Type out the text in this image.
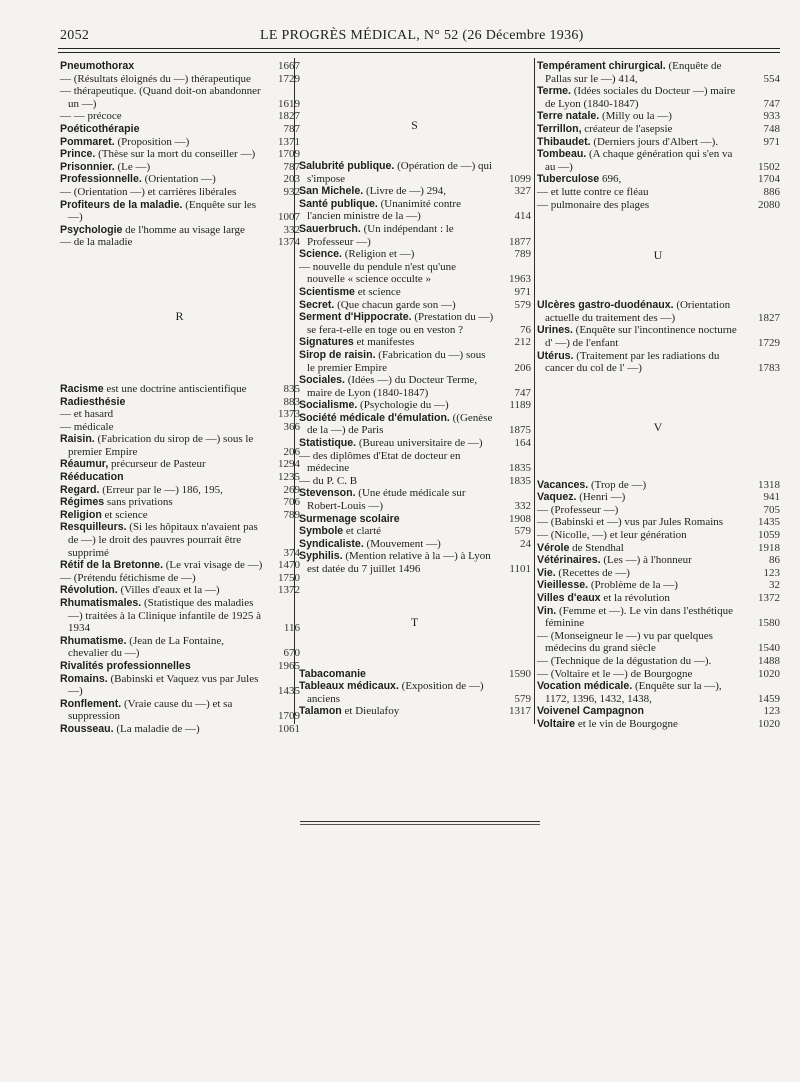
2052	LE PROGRÈS MÉDICAL, N° 52 (26 Décembre 1936)
Pneumothorax	1667
— (Résultats éloignés du —) thérapeutique 1729
— thérapeutique. (Quand doit-on abandonner un —)	1619
— — précoce	1827
Poéticothérapie	787
Pommaret. (Proposition —)	1371
Prince. (Thèse sur la mort du conseiller —) 1709
Prisonnier. (Le —)	787
Professionnelle. (Orientation —)	203
— (Orientation —) et carrières libérales	932
Profiteurs de la maladie. (Enquête sur les —)	1007
Psychologie de l'homme au visage large	332
— de la maladie	1374
R
Racisme est une doctrine antiscientifique	835
Radiesthésie	883
— et hasard	1373
— médicale	366
Raisin. (Fabrication du sirop de —) sous le premier Empire	206
Réaumur, précurseur de Pasteur	1294
Rééducation	1235
Regard. (Erreur par le —) 186, 195,	269
Régimes sans privations	706
Religion et science	789
Resquilleurs. (Si les hôpitaux n'avaient pas de —) le droit des pauvres pourrait être supprimé	374
Rétif de la Bretonne. (Le vrai visage de —) 1470
— (Prétendu fétichisme de —)	1750
Révolution. (Villes d'eaux et la —)	1372
Rhumatismales. (Statistique des maladies —) traitées à la Clinique infantile de 1925 à 1934	116
Rhumatisme. (Jean de La Fontaine, chevalier du —)	670
Rivalités professionnelles	1965
Romains. (Babinski et Vaquez vus par Jules —)	1435
Ronflement. (Vraie cause du —) et sa suppression	1709
Rousseau. (La maladie de —)	1061
S
Salubrité publique. (Opération de —) qui s'impose	1099
San Michele. (Livre de —) 294,	327
Santé publique. (Unanimité contre l'ancien ministre de la —)	414
Sauerbruch. (Un indépendant : le Professeur —)	1877
Science. (Religion et —)	789
— nouvelle du pendule n'est qu'une nouvelle « science occulte »	1963
Scientisme et science	971
Secret. (Que chacun garde son —)	579
Serment d'Hippocrate. (Prestation du —) se fera-t-elle en toge ou en veston ?	76
Signatures et manifestes	212
Sirop de raisin. (Fabrication du —) sous le premier Empire	206
Sociales. (Idées —) du Docteur Terme, maire de Lyon (1840-1847)	747
Socialisme. (Psychologie du —)	1189
Société médicale d'émulation. ((Genèse de la —) de Paris	1875
Statistique. (Bureau universitaire de —)	164
— des diplômes d'Etat de docteur en médecine	1835
— du P. C. B	1835
Stevenson. (Une étude médicale sur Robert-Louis —)	332
Surmenage scolaire	1908
Symbole et clarté	579
Syndicaliste. (Mouvement —)	24
Syphilis. (Mention relative à la —) à Lyon est datée du 7 juillet 1496	1101
T
Tabacomanie	1590
Tableaux médicaux. (Exposition de —) anciens	579
Talamon et Dieulafoy	1317
Tempérament chirurgical. (Enquête de Pallas sur le —) 414,	554
Terme. (Idées sociales du Docteur —) maire de Lyon (1840-1847)	747
Terre natale. (Milly ou la —)	933
Terrillon, créateur de l'asepsie	748
Thibaudet. (Derniers jours d'Albert —).	971
Tombeau. (A chaque génération qui s'en va au —)	1502
Tuberculose 696,	1704
— et lutte contre ce fléau	886
— pulmonaire des plages	2080
U
Ulcères gastro-duodénaux. (Orientation actuelle du traitement des —)	1827
Urines. (Enquête sur l'incontinence nocturne d' —) de l'enfant	1729
Utérus. (Traitement par les radiations du cancer du col de l' —)	1783
V
Vacances. (Trop de —)	1318
Vaquez. (Henri —)	941
— (Professeur —)	705
— (Babinski et —) vus par Jules Romains	1435
— (Nicolle, —) et leur génération	1059
Vérole de Stendhal	1918
Vétérinaires. (Les —) à l'honneur	86
Vie. (Recettes de —)	123
Vieillesse. (Problème de la —)	32
Villes d'eaux et la révolution	1372
Vin. (Femme et —). Le vin dans l'esthétique féminine	1580
— (Monseigneur le —) vu par quelques médecins du grand siècle	1540
— (Technique de la dégustation du —).	1488
— (Voltaire et le —) de Bourgogne	1020
Vocation médicale. (Enquête sur la —), 1172, 1396, 1432, 1438,	1459
Voivenel Campagnon	123
Voltaire et le vin de Bourgogne	1020
